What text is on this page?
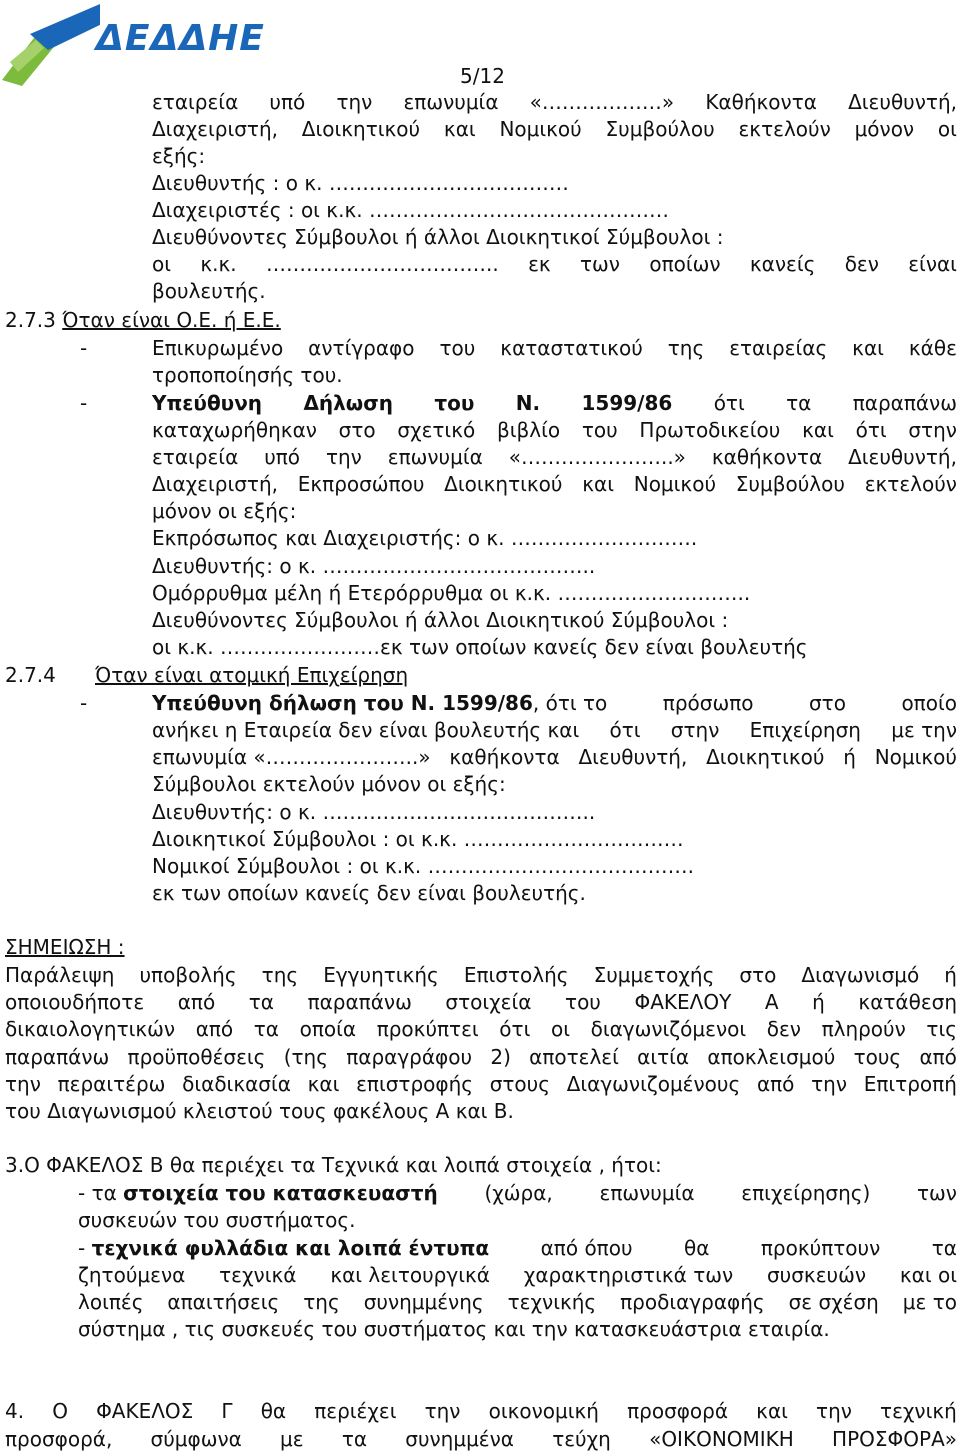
ΔΕΔΔΗΕ
5/12
εταιρεία υπό την επωνυμία «………………» Καθήκοντα Διευθυντή,
Διαχειριστή, Διοικητικού και Νομικού Συμβούλου εκτελούν μόνον οι
εξής:
Διευθυντής : ο κ. ………………………………
Διαχειριστές : οι κ.κ. ………………………………………
Διευθύνοντες Σύμβουλοι ή άλλοι Διοικητικοί Σύμβουλοι :
οι κ.κ. …………………………….. εκ των οποίων κανείς δεν είναι
βουλευτής.
2.7.3 Όταν είναι Ο.Ε. ή Ε.Ε.
-	Επικυρωμένο αντίγραφο του καταστατικού της εταιρείας και κάθε
τροποποίησής του.
-	Υπεύθυνη Δήλωση του Ν. 1599/86 ότι τα παραπάνω
καταχωρήθηκαν στο σχετικό βιβλίο του Πρωτοδικείου και ότι στην
εταιρεία υπό την επωνυμία «…………………..» καθήκοντα Διευθυντή,
Διαχειριστή, Εκπροσώπου Διοικητικού και Νομικού Συμβούλου εκτελούν
μόνον οι εξής:
Εκπρόσωπος και Διαχειριστής: ο κ. ……………………….
Διευθυντής: ο κ. …………………………………..
Ομόρρυθμα μέλη ή Ετερόρρυθμα οι κ.κ. ………………………..
Διευθύνοντες Σύμβουλοι ή άλλοι Διοικητικού Σύμβουλοι :
οι κ.κ. ……………………εκ των οποίων κανείς δεν είναι βουλευτής
2.7.4 Όταν είναι ατομική Επιχείρηση
-	Υπεύθυνη δήλωση του Ν. 1599/86, ότι το	πρόσωπο	στο	οποίο
ανήκει η Εταιρεία δεν είναι βουλευτής και ότι στην Επιχείρηση με την
επωνυμία «…………………..» καθήκοντα Διευθυντή, Διοικητικού ή Νομικού
Σύμβουλοι εκτελούν μόνον οι εξής:
Διευθυντής: ο κ. …………………………………..
Διοικητικοί Σύμβουλοι : οι κ.κ. ……………………………
Νομικοί Σύμβουλοι : οι κ.κ. ………………………………….
εκ των οποίων κανείς δεν είναι βουλευτής.
ΣΗΜΕΙΩΣΗ :
Παράλειψη υποβολής της Εγγυητικής Επιστολής Συμμετοχής στο Διαγωνισμό ή
οποιουδήποτε από τα παραπάνω στοιχεία του ΦΑΚΕΛΟΥ Α ή κατάθεση
δικαιολογητικών από τα οποία προκύπτει ότι οι διαγωνιζόμενοι δεν πληρούν τις
παραπάνω προϋποθέσεις (της παραγράφου 2) αποτελεί αιτία αποκλεισμού τους από
την περαιτέρω διαδικασία και επιστροφής στους Διαγωνιζομένους από την Επιτροπή
του Διαγωνισμού κλειστού τους φακέλους Α και Β.
3.Ο ΦΑΚΕΛΟΣ Β θα περιέχει τα Τεχνικά και λοιπά στοιχεία , ήτοι:
- τα στοιχεία του κατασκευαστή (χώρα, επωνυμία επιχείρησης) των
συσκευών του συστήματος.
- τεχνικά φυλλάδια και λοιπά έντυπα	από όπου	θα	προκύπτουν	τα
ζητούμενα τεχνικά και λειτουργικά χαρακτηριστικά των συσκευών και οι
λοιπές απαιτήσεις της συνημμένης τεχνικής προδιαγραφής σε σχέση με το
σύστημα , τις συσκευές του συστήματος και την κατασκευάστρια εταιρία.
4. Ο ΦΑΚΕΛΟΣ Γ θα περιέχει την οικονομική προσφορά και την τεχνική
προσφορά, σύμφωνα με τα συνημμένα τεύχη «ΟΙΚΟΝΟΜΙΚΗ ΠΡΟΣΦΟΡΑ»
